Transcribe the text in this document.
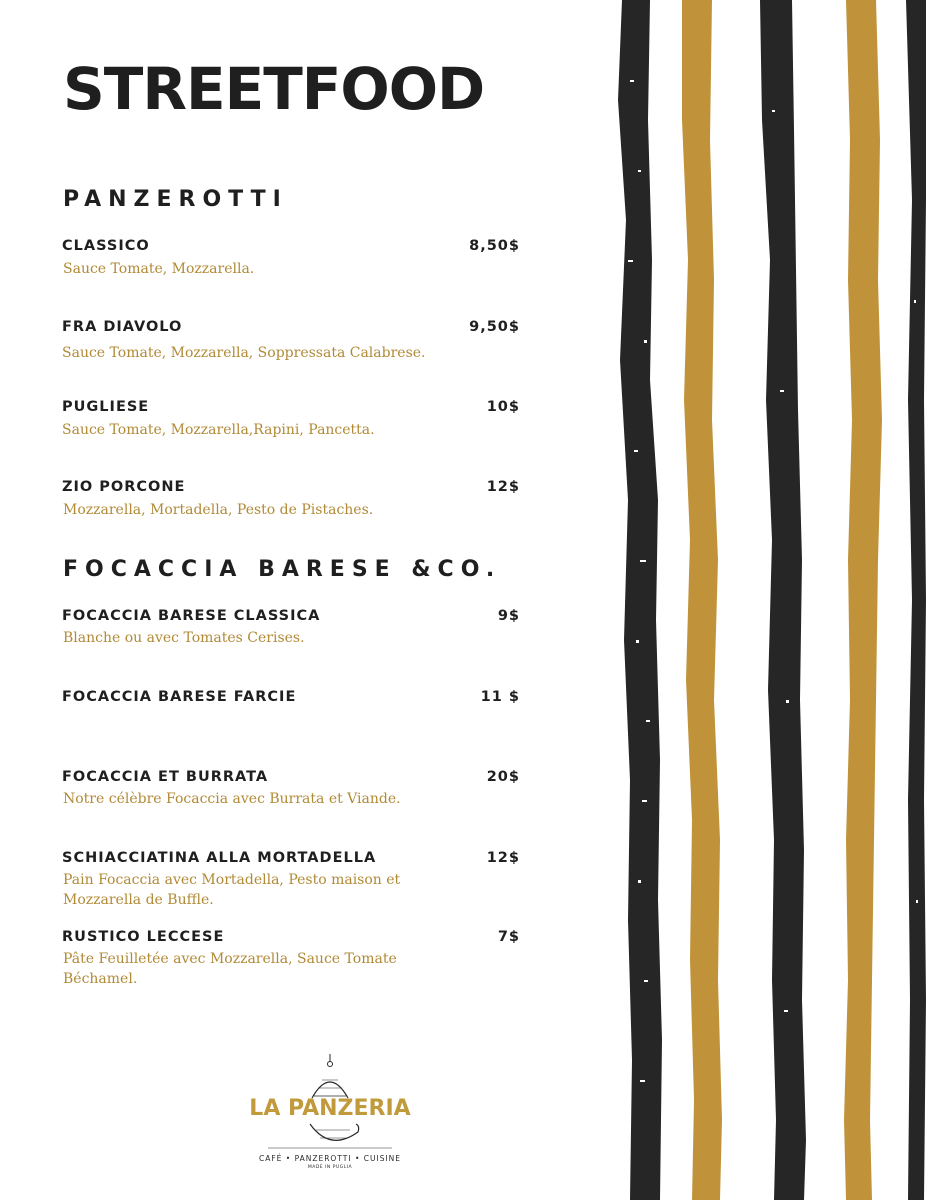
STREETFOOD
PANZEROTTI
CLASSICO	8,50$
Sauce Tomate, Mozzarella.
FRA DIAVOLO	9,50$
Sauce Tomate, Mozzarella, Soppressata Calabrese.
PUGLIESE	10$
Sauce Tomate, Mozzarella,Rapini, Pancetta.
ZIO PORCONE	12$
Mozzarella, Mortadella, Pesto de Pistaches.
FOCACCIA BARESE &CO.
FOCACCIA BARESE CLASSICA	9$
Blanche ou avec Tomates Cerises.
FOCACCIA BARESE FARCIE	11 $
FOCACCIA ET BURRATA	20$
Notre célèbre Focaccia avec Burrata et Viande.
SCHIACCIATINA ALLA MORTADELLA	12$
Pain Focaccia avec Mortadella, Pesto maison et Mozzarella de Buffle.
RUSTICO LECCESE	7$
Pâte Feuilletée avec Mozzarella, Sauce Tomate Béchamel.
LA PANZERIA
CAFÉ • PANZEROTTI • CUISINE
MADE IN PUGLIA
